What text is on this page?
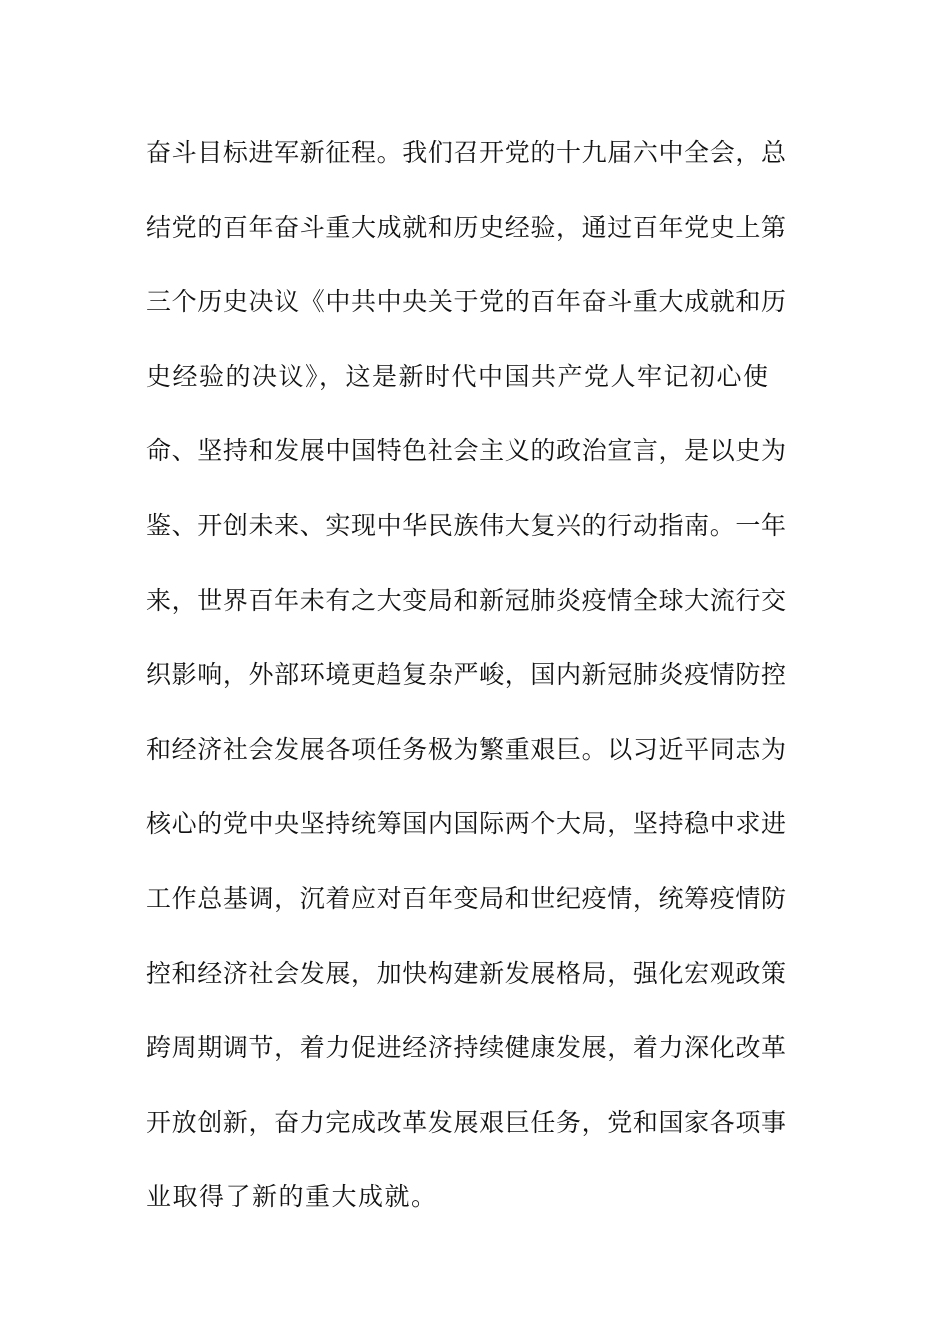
奋斗目标进军新征程。我们召开党的十九届六中全会，总
结党的百年奋斗重大成就和历史经验，通过百年党史上第
三个历史决议《中共中央关于党的百年奋斗重大成就和历
史经验的决议》，这是新时代中国共产党人牢记初心使
命、坚持和发展中国特色社会主义的政治宣言，是以史为
鉴、开创未来、实现中华民族伟大复兴的行动指南。一年
来，世界百年未有之大变局和新冠肺炎疫情全球大流行交
织影响，外部环境更趋复杂严峻，国内新冠肺炎疫情防控
和经济社会发展各项任务极为繁重艰巨。以习近平同志为
核心的党中央坚持统筹国内国际两个大局，坚持稳中求进
工作总基调，沉着应对百年变局和世纪疫情，统筹疫情防
控和经济社会发展，加快构建新发展格局，强化宏观政策
跨周期调节，着力促进经济持续健康发展，着力深化改革
开放创新，奋力完成改革发展艰巨任务，党和国家各项事
业取得了新的重大成就。
